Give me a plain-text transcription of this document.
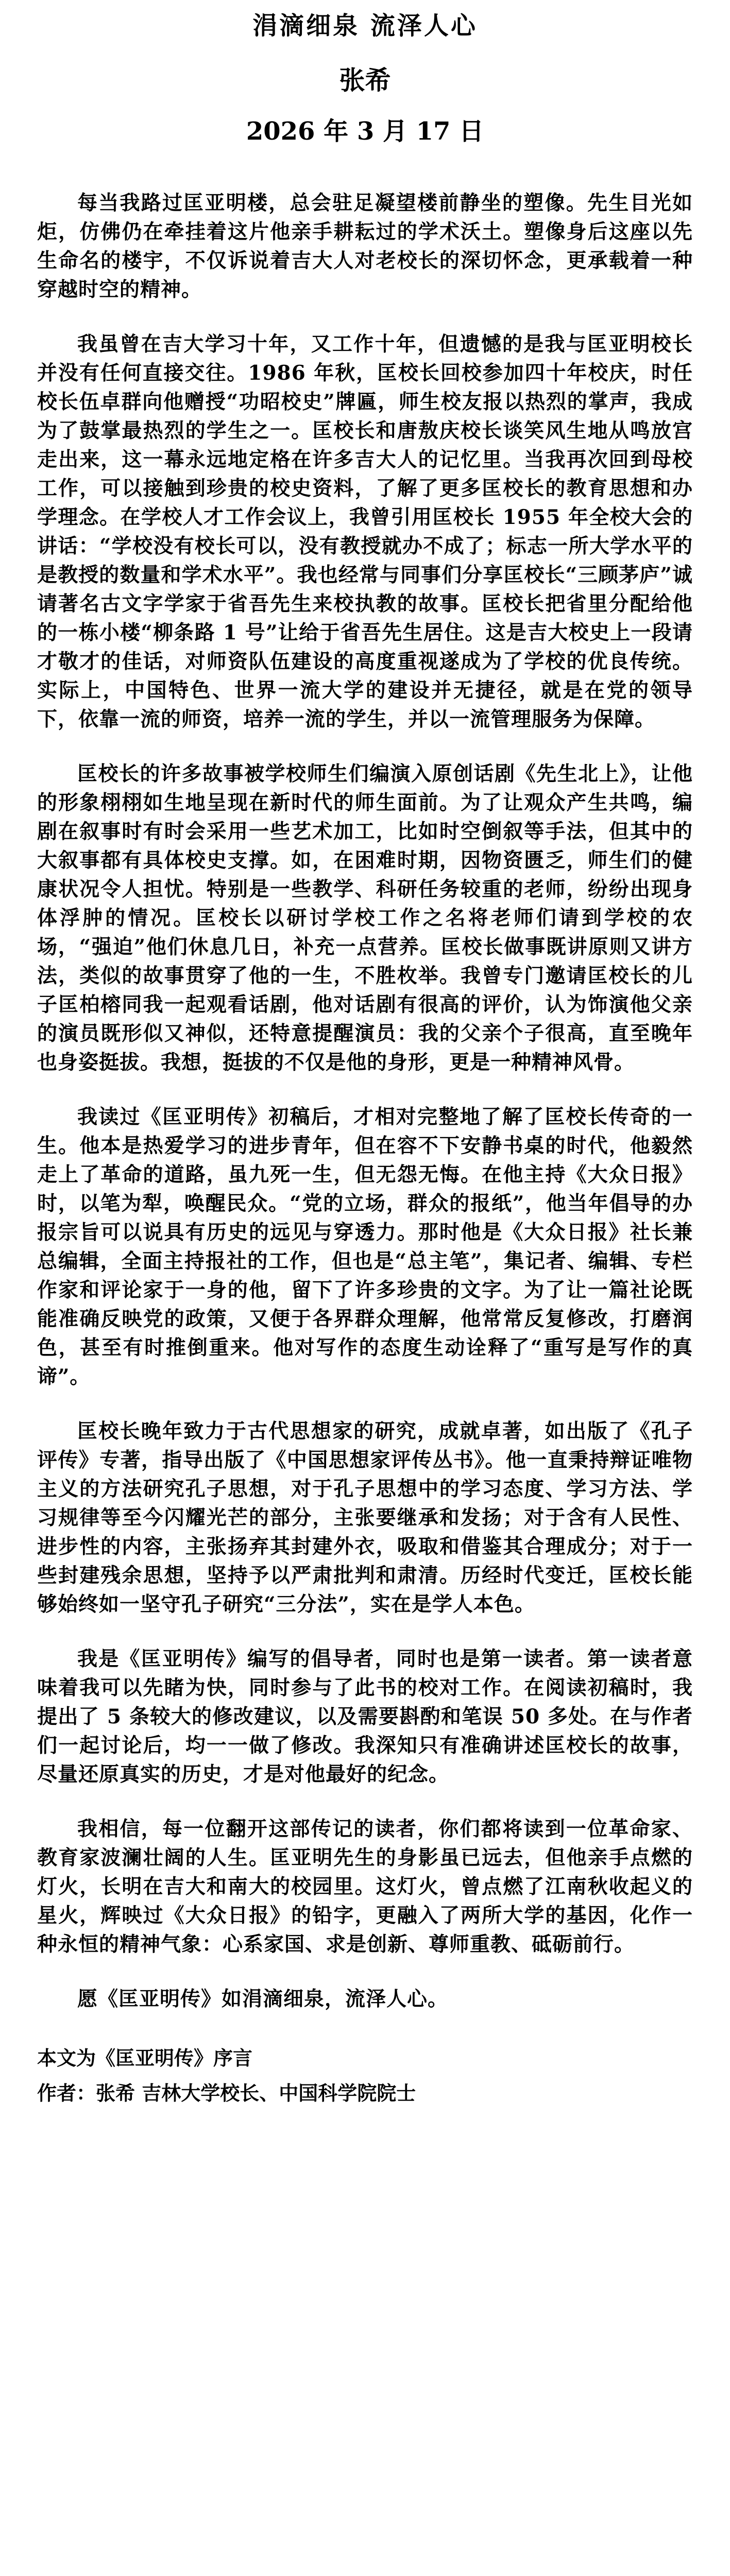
涓滴细泉 流泽人心
张希
2026 年 3 月 17 日

每当我路过匡亚明楼，总会驻足凝望楼前静坐的塑像。先生目光如炬，仿佛仍在牵挂着这片他亲手耕耘过的学术沃土。塑像身后这座以先生命名的楼宇，不仅诉说着吉大人对老校长的深切怀念，更承载着一种穿越时空的精神。

我虽曾在吉大学习十年，又工作十年，但遗憾的是我与匡亚明校长并没有任何直接交往。1986 年秋，匡校长回校参加四十年校庆，时任校长伍卓群向他赠授“功昭校史”牌匾，师生校友报以热烈的掌声，我成为了鼓掌最热烈的学生之一。匡校长和唐敖庆校长谈笑风生地从鸣放宫走出来，这一幕永远地定格在许多吉大人的记忆里。当我再次回到母校工作，可以接触到珍贵的校史资料，了解了更多匡校长的教育思想和办学理念。在学校人才工作会议上，我曾引用匡校长 1955 年全校大会的讲话：“学校没有校长可以，没有教授就办不成了；标志一所大学水平的是教授的数量和学术水平”。我也经常与同事们分享匡校长“三顾茅庐”诚请著名古文字学家于省吾先生来校执教的故事。匡校长把省里分配给他的一栋小楼“柳条路 1 号”让给于省吾先生居住。这是吉大校史上一段请才敬才的佳话，对师资队伍建设的高度重视遂成为了学校的优良传统。实际上，中国特色、世界一流大学的建设并无捷径，就是在党的领导下，依靠一流的师资，培养一流的学生，并以一流管理服务为保障。

匡校长的许多故事被学校师生们编演入原创话剧《先生北上》，让他的形象栩栩如生地呈现在新时代的师生面前。为了让观众产生共鸣，编剧在叙事时有时会采用一些艺术加工，比如时空倒叙等手法，但其中的大叙事都有具体校史支撑。如，在困难时期，因物资匮乏，师生们的健康状况令人担忧。特别是一些教学、科研任务较重的老师，纷纷出现身体浮肿的情况。匡校长以研讨学校工作之名将老师们请到学校的农场，“强迫”他们休息几日，补充一点营养。匡校长做事既讲原则又讲方法，类似的故事贯穿了他的一生，不胜枚举。我曾专门邀请匡校长的儿子匡柏榕同我一起观看话剧，他对话剧有很高的评价，认为饰演他父亲的演员既形似又神似，还特意提醒演员：我的父亲个子很高，直至晚年也身姿挺拔。我想，挺拔的不仅是他的身形，更是一种精神风骨。

我读过《匡亚明传》初稿后，才相对完整地了解了匡校长传奇的一生。他本是热爱学习的进步青年，但在容不下安静书桌的时代，他毅然走上了革命的道路，虽九死一生，但无怨无悔。在他主持《大众日报》时，以笔为犁，唤醒民众。“党的立场，群众的报纸”，他当年倡导的办报宗旨可以说具有历史的远见与穿透力。那时他是《大众日报》社长兼总编辑，全面主持报社的工作，但也是“总主笔”，集记者、编辑、专栏作家和评论家于一身的他，留下了许多珍贵的文字。为了让一篇社论既能准确反映党的政策，又便于各界群众理解，他常常反复修改，打磨润色，甚至有时推倒重来。他对写作的态度生动诠释了“重写是写作的真谛”。

匡校长晚年致力于古代思想家的研究，成就卓著，如出版了《孔子评传》专著，指导出版了《中国思想家评传丛书》。他一直秉持辩证唯物主义的方法研究孔子思想，对于孔子思想中的学习态度、学习方法、学习规律等至今闪耀光芒的部分，主张要继承和发扬；对于含有人民性、进步性的内容，主张扬弃其封建外衣，吸取和借鉴其合理成分；对于一些封建残余思想，坚持予以严肃批判和肃清。历经时代变迁，匡校长能够始终如一坚守孔子研究“三分法”，实在是学人本色。

我是《匡亚明传》编写的倡导者，同时也是第一读者。第一读者意味着我可以先睹为快，同时参与了此书的校对工作。在阅读初稿时，我提出了 5 条较大的修改建议，以及需要斟酌和笔误 50 多处。在与作者们一起讨论后，均一一做了修改。我深知只有准确讲述匡校长的故事，尽量还原真实的历史，才是对他最好的纪念。

我相信，每一位翻开这部传记的读者，你们都将读到一位革命家、教育家波澜壮阔的人生。匡亚明先生的身影虽已远去，但他亲手点燃的灯火，长明在吉大和南大的校园里。这灯火，曾点燃了江南秋收起义的星火，辉映过《大众日报》的铅字，更融入了两所大学的基因，化作一种永恒的精神气象：心系家国、求是创新、尊师重教、砥砺前行。

愿《匡亚明传》如涓滴细泉，流泽人心。

本文为《匡亚明传》序言

作者：张希 吉林大学校长、中国科学院院士
